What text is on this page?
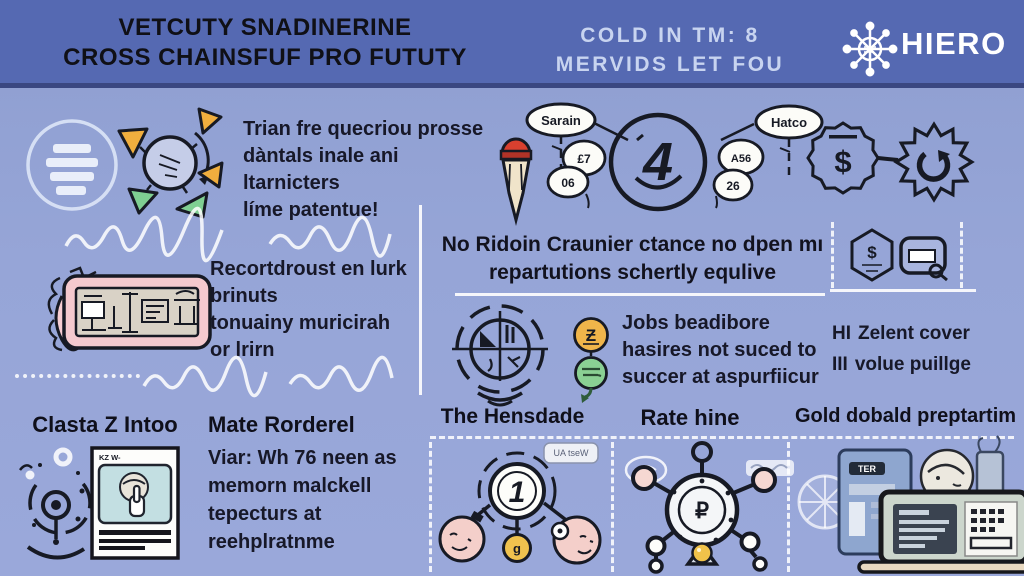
VETCUTY SNADINERINE
CROSS CHAINSFUF PRO FUTUTY
COLD IN TM: 8
MERVIDS LET FOU
HIERO
Trian fre quecriou prosse
dàntals inale ani ltarnicters
líme patentue!
4
Sarain	Hatco
£7
06
A56
26
$
Recortdroust en lurk
brinuts
tonuainy muricirah
or lrirn
No Ridoin Craunier ctance no dpen mı
repartutions schertly equlive
$
Ƶ
Jobs beadibore
hasires not suced to
succer at aspurfiicur
HI Zelent cover
III volue puillge
Clasta Z Intoo
KZ W-
Mate Rorderel
Viar: Wh 76 neen as
memorn malckell
tepecturs at
reehplratnme
The Hensdade
UA tseW
1
g
Rate hine
₽
Gold dobald preptartim
TER
